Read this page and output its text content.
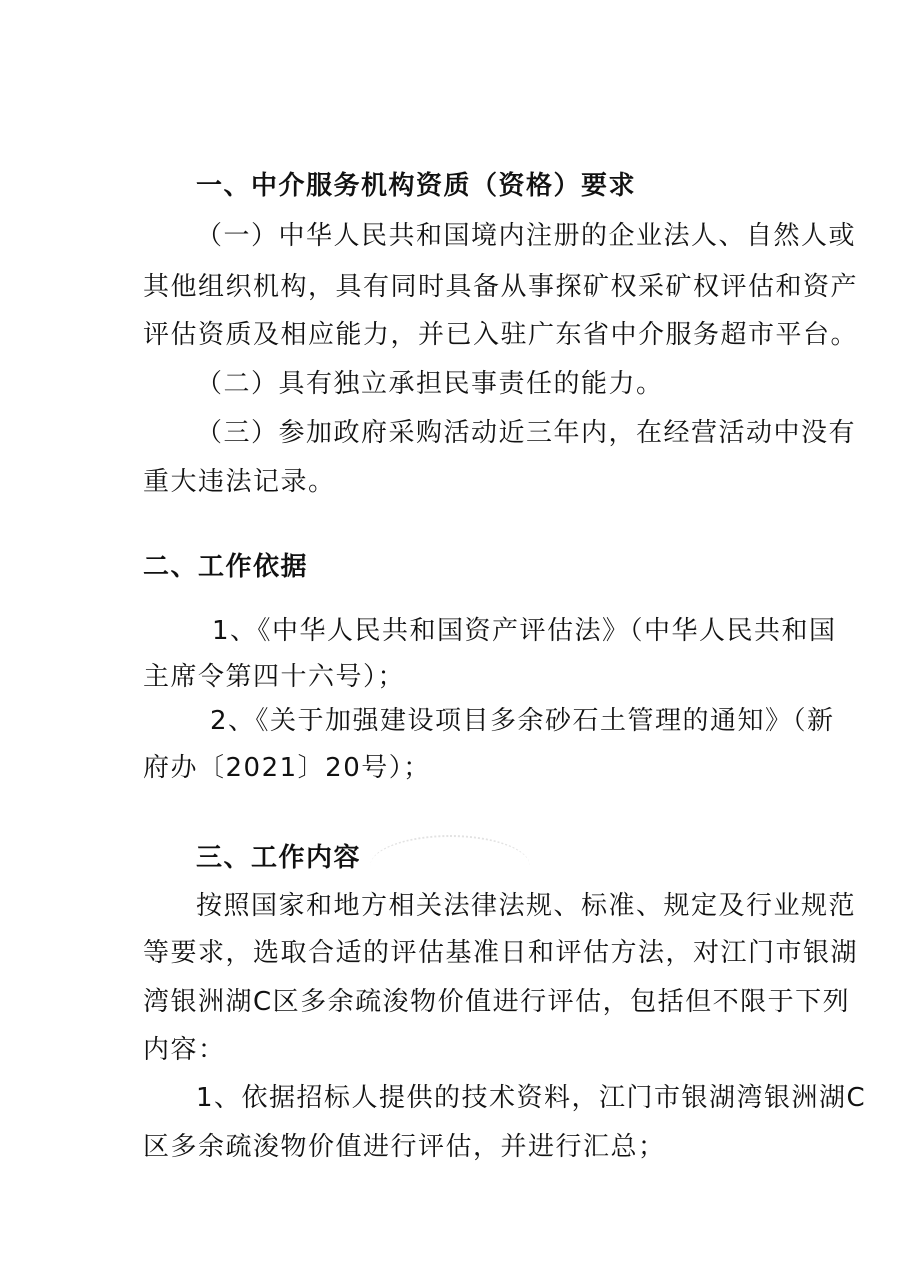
一、中介服务机构资质（资格）要求
（一）中华人民共和国境内注册的企业法人、自然人或
其他组织机构，具有同时具备从事探矿权采矿权评估和资产
评估资质及相应能力，并已入驻广东省中介服务超市平台。
（二）具有独立承担民事责任的能力。
（三）参加政府采购活动近三年内，在经营活动中没有
重大违法记录。
二、工作依据
1、《中华人民共和国资产评估法》（中华人民共和国
主席令第四十六号）；
2、《关于加强建设项目多余砂石土管理的通知》（新
府办〔2021〕20号）；
三、工作内容
按照国家和地方相关法律法规、标准、规定及行业规范
等要求，选取合适的评估基准日和评估方法，对江门市银湖
湾银洲湖C区多余疏浚物价值进行评估，包括但不限于下列
内容：
1、依据招标人提供的技术资料，江门市银湖湾银洲湖C
区多余疏浚物价值进行评估，并进行汇总；
